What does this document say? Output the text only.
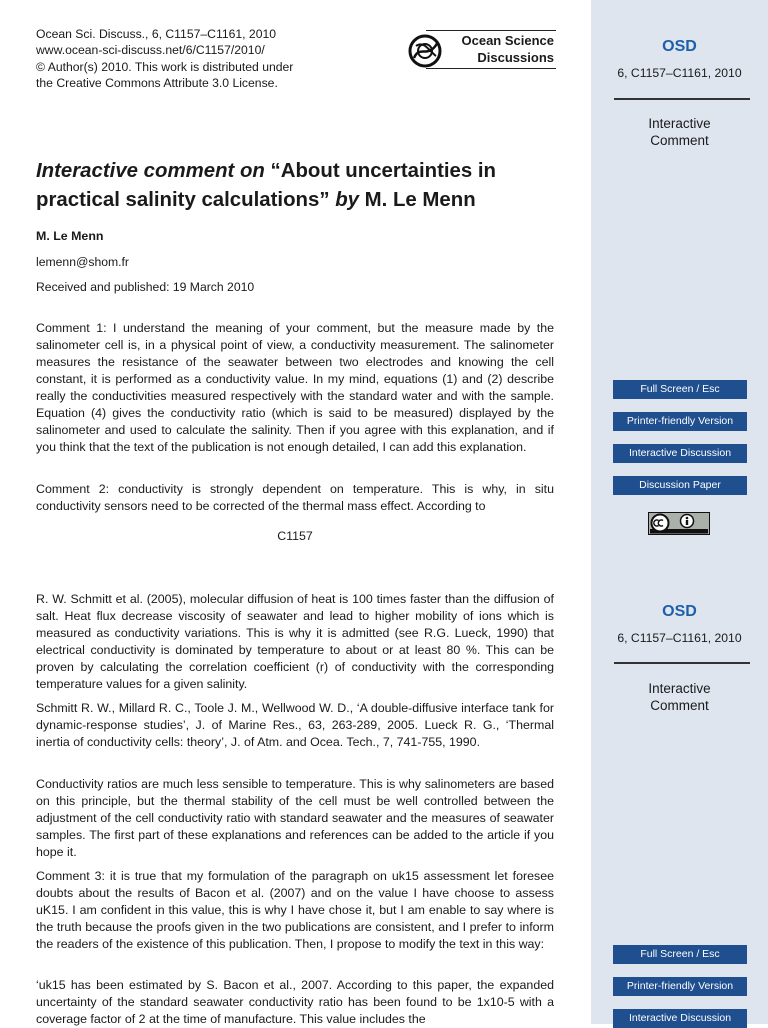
Ocean Sci. Discuss., 6, C1157–C1161, 2010
www.ocean-sci-discuss.net/6/C1157/2010/
© Author(s) 2010. This work is distributed under
the Creative Commons Attribute 3.0 License.
Ocean Science
Discussions
Interactive comment on “About uncertainties in practical salinity calculations” by M. Le Menn
M. Le Menn
lemenn@shom.fr
Received and published: 19 March 2010
Comment 1: I understand the meaning of your comment, but the measure made by the salinometer cell is, in a physical point of view, a conductivity measurement. The salinometer measures the resistance of the seawater between two electrodes and knowing the cell constant, it is performed as a conductivity value. In my mind, equations (1) and (2) describe really the conductivities measured respectively with the standard water and with the sample. Equation (4) gives the conductivity ratio (which is said to be measured) displayed by the salinometer and used to calculate the salinity. Then if you agree with this explanation, and if you think that the text of the publication is not enough detailed, I can add this explanation.
Comment 2: conductivity is strongly dependent on temperature. This is why, in situ conductivity sensors need to be corrected of the thermal mass effect. According to
C1157
R. W. Schmitt et al. (2005), molecular diffusion of heat is 100 times faster than the diffusion of salt. Heat flux decrease viscosity of seawater and lead to higher mobility of ions which is measured as conductivity variations. This is why it is admitted (see R.G. Lueck, 1990) that electrical conductivity is dominated by temperature to about or at least 80 %. This can be proven by calculating the correlation coefficient (r) of conductivity with the corresponding temperature values for a given salinity.
Schmitt R. W., Millard R. C., Toole J. M., Wellwood W. D., ‘A double-diffusive interface tank for dynamic-response studies’, J. of Marine Res., 63, 263-289, 2005. Lueck R. G., ‘Thermal inertia of conductivity cells: theory’, J. of Atm. and Ocea. Tech., 7, 741-755, 1990.
Conductivity ratios are much less sensible to temperature. This is why salinometers are based on this principle, but the thermal stability of the cell must be well controlled between the adjustment of the cell conductivity ratio with standard seawater and the measures of seawater samples. The first part of these explanations and references can be added to the article if you hope it.
Comment 3: it is true that my formulation of the paragraph on uk15 assessment let foresee doubts about the results of Bacon et al. (2007) and on the value I have choose to assess uK15. I am confident in this value, this is why I have chose it, but I am enable to say where is the truth because the proofs given in the two publications are consistent, and I prefer to inform the readers of the existence of this publication. Then, I propose to modify the text in this way:
‘uk15 has been estimated by S. Bacon et al., 2007. According to this paper, the expanded uncertainty of the standard seawater conductivity ratio has been found to be 1x10-5 with a coverage factor of 2 at the time of manufacture. This value includes the
OSD
6, C1157–C1161, 2010
Interactive
Comment
Full Screen / Esc
Printer-friendly Version
Interactive Discussion
Discussion Paper
OSD
6, C1157–C1161, 2010
Interactive
Comment
Full Screen / Esc
Printer-friendly Version
Interactive Discussion
